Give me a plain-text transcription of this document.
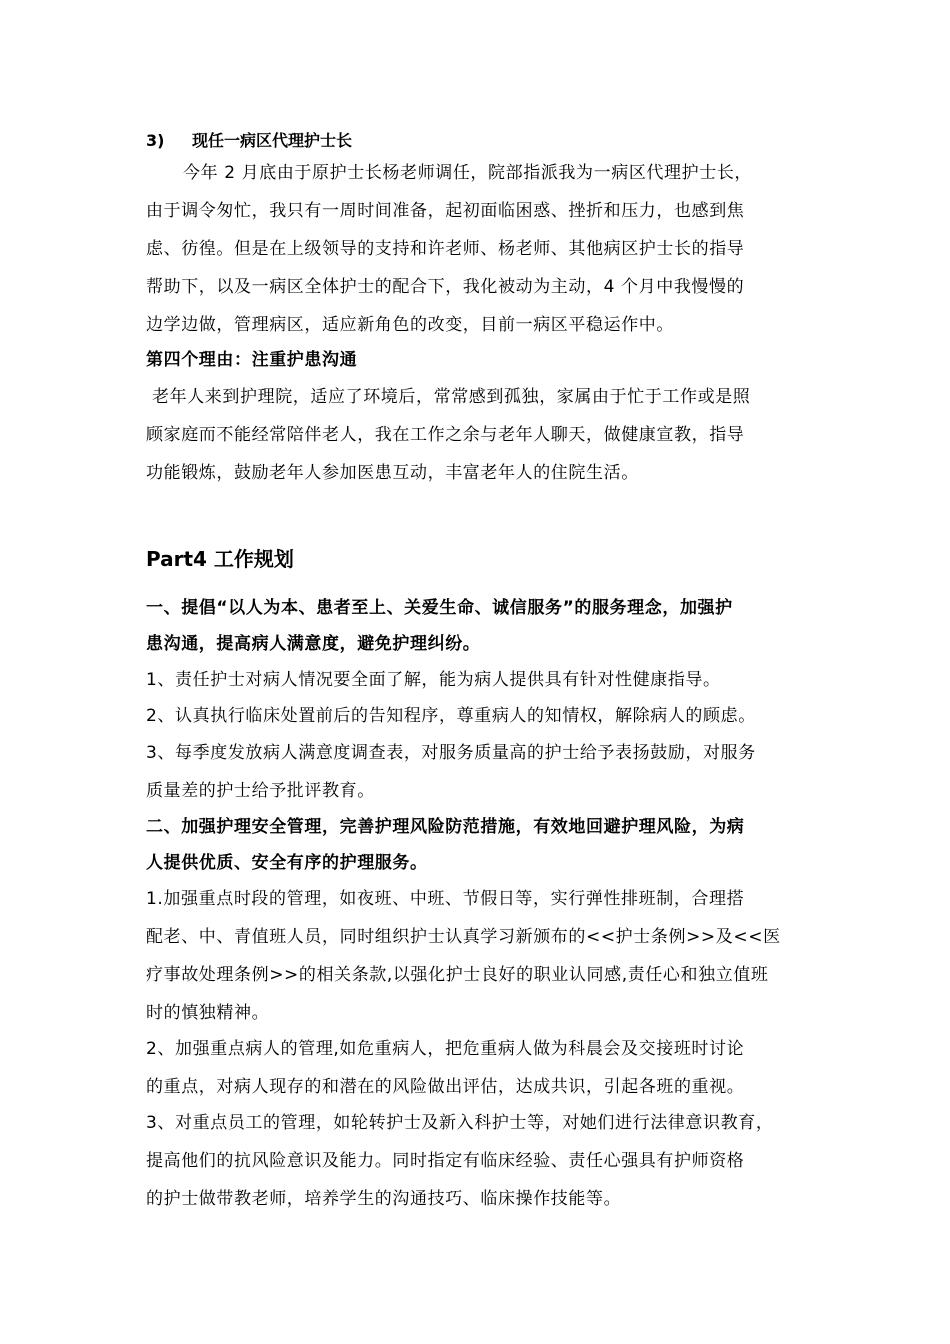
3) 现任一病区代理护士长
今年 2 月底由于原护士长杨老师调任，院部指派我为一病区代理护士长，
由于调令匆忙，我只有一周时间准备，起初面临困惑、挫折和压力，也感到焦
虑、彷徨。但是在上级领导的支持和许老师、杨老师、其他病区护士长的指导
帮助下，以及一病区全体护士的配合下，我化被动为主动，4 个月中我慢慢的
边学边做，管理病区，适应新角色的改变，目前一病区平稳运作中。
第四个理由：注重护患沟通
老年人来到护理院，适应了环境后，常常感到孤独，家属由于忙于工作或是照
顾家庭而不能经常陪伴老人，我在工作之余与老年人聊天，做健康宣教，指导
功能锻炼，鼓励老年人参加医患互动，丰富老年人的住院生活。
Part4 工作规划
一、提倡“以人为本、患者至上、关爱生命、诚信服务”的服务理念，加强护
患沟通，提高病人满意度，避免护理纠纷。
1、责任护士对病人情况要全面了解，能为病人提供具有针对性健康指导。
2、认真执行临床处置前后的告知程序，尊重病人的知情权，解除病人的顾虑。
3、每季度发放病人满意度调查表，对服务质量高的护士给予表扬鼓励，对服务
质量差的护士给予批评教育。
二、加强护理安全管理，完善护理风险防范措施，有效地回避护理风险，为病
人提供优质、安全有序的护理服务。
1.加强重点时段的管理，如夜班、中班、节假日等，实行弹性排班制，合理搭
配老、中、青值班人员，同时组织护士认真学习新颁布的<<护士条例>>及<<医
疗事故处理条例>>的相关条款,以强化护士良好的职业认同感,责任心和独立值班
时的慎独精神。
2、加强重点病人的管理,如危重病人，把危重病人做为科晨会及交接班时讨论
的重点，对病人现存的和潜在的风险做出评估，达成共识，引起各班的重视。
3、对重点员工的管理，如轮转护士及新入科护士等，对她们进行法律意识教育，
提高他们的抗风险意识及能力。同时指定有临床经验、责任心强具有护师资格
的护士做带教老师，培养学生的沟通技巧、临床操作技能等。
